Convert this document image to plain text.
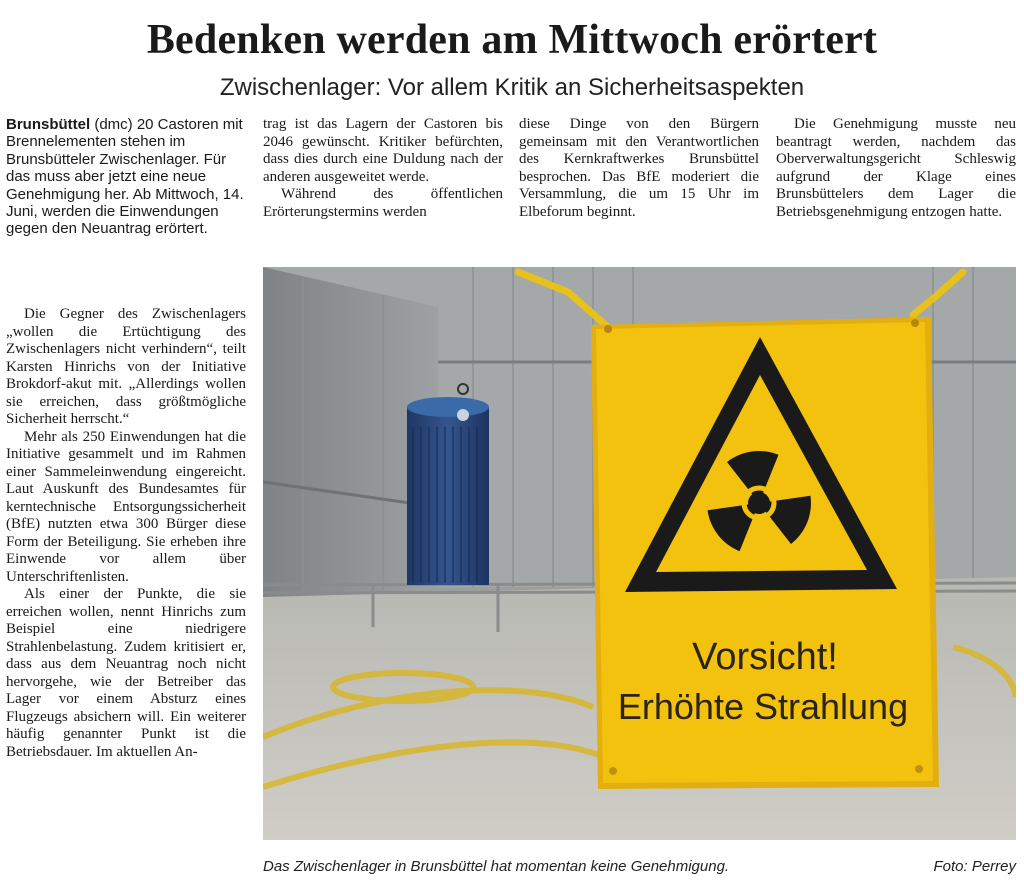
Bedenken werden am Mittwoch erörtert
Zwischenlager: Vor allem Kritik an Sicherheitsaspekten
Brunsbüttel (dmc) 20 Castoren mit Brennelementen stehen im Brunsbütteler Zwischenlager. Für das muss aber jetzt eine neue Genehmigung her. Ab Mittwoch, 14. Juni, werden die Einwendungen gegen den Neuantrag erörtert.

Die Gegner des Zwischenlagers „wollen die Ertüchtigung des Zwischenlagers nicht verhindern“, teilt Karsten Hinrichs von der Initiative Brokdorf-akut mit. „Allerdings wollen sie erreichen, dass größtmögliche Sicherheit herrscht.“

Mehr als 250 Einwendungen hat die Initiative gesammelt und im Rahmen einer Sammeleinwendung eingereicht. Laut Auskunft des Bundesamtes für kerntechnische Entsorgungssicherheit (BfE) nutzten etwa 300 Bürger diese Form der Beteiligung. Sie erheben ihre Einwende vor allem über Unterschriftenlisten.

Als einer der Punkte, die sie erreichen wollen, nennt Hinrichs zum Beispiel eine niedrigere Strahlenbelastung. Zudem kritisiert er, dass aus dem Neuantrag noch nicht hervorgehe, wie der Betreiber das Lager vor einem Absturz eines Flugzeugs absichern will. Ein weiterer häufig genannter Punkt ist die Betriebsdauer. Im aktuellen An-

trag ist das Lagern der Castoren bis 2046 gewünscht. Kritiker befürchten, dass dies durch eine Duldung nach der anderen ausgeweitet werde.

Während des öffentlichen Erörterungstermins werden

diese Dinge von den Bürgern gemeinsam mit den Verantwortlichen des Kernkraftwerkes Brunsbüttel besprochen. Das BfE moderiert die Versammlung, die um 15 Uhr im Elbeforum beginnt.

Die Genehmigung musste neu beantragt werden, nachdem das Oberverwaltungsgericht Schleswig aufgrund der Klage eines Brunsbüttelers dem Lager die Betriebsgenehmigung entzogen hatte.

Vorsicht!
Erhöhte Strahlung
Das Zwischenlager in Brunsbüttel hat momentan keine Genehmigung.	Foto: Perrey
